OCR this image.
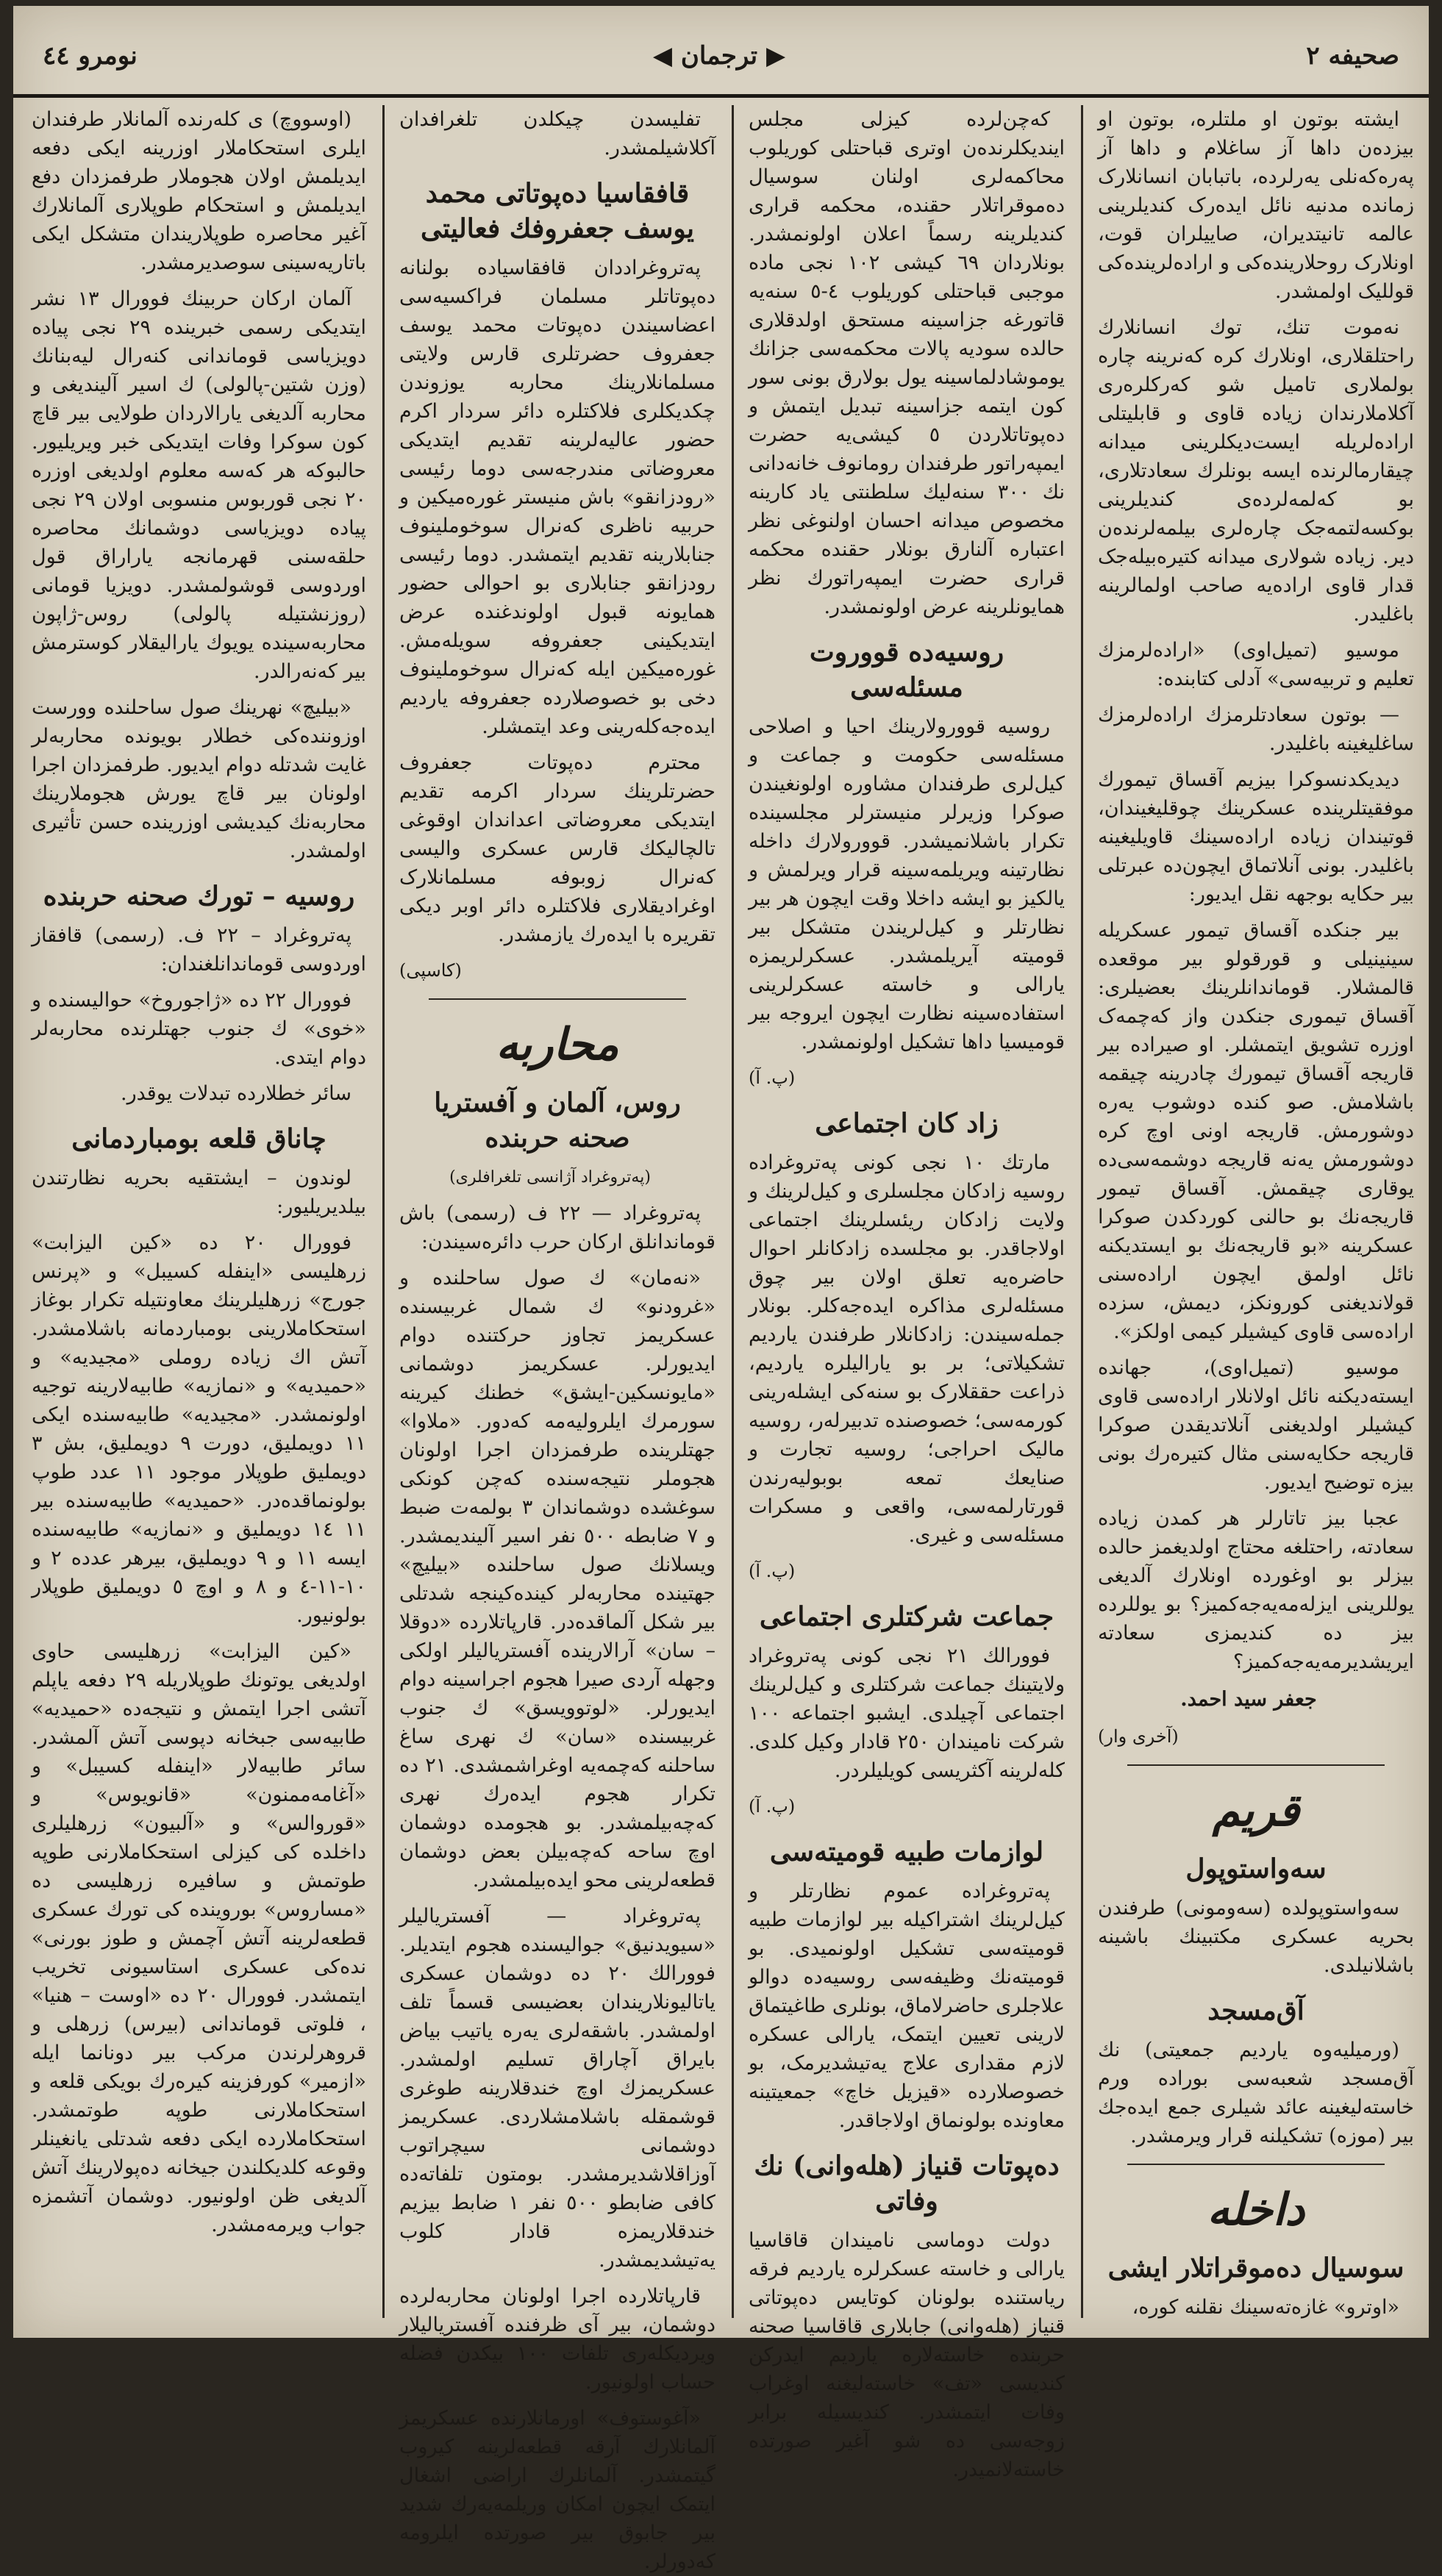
نومرو ٤٤	◀ ترجمان ▶	صحیفه ٢

ایشته بوتون او ملتلره، بوتون او بیزده‌ن داها آز ساغلام و داها آز په‌ره‌که‌نلی یه‌رلرده، باتبابان انسانلارک زمانده مدنیه نائل ایده‌رک کندیلرینی عالمه تانیتدیران، صاییلران قوت، اونلارک روحلارینده‌کی و اراده‌لرینده‌کی قوللیک اولمشدر.

نه‌موت تنك، توك انسانلارك راحتلقلاری، اونلارك کره که‌نرینه چاره بولملاری تامیل شو که‌رکلره‌ری آکلاملارندان زیاده قاوی و قابلیتلی اراده‌لریله ایست‌دیکلرینی میدانه چیقارمالرنده ایسه بونلرك سعادتلاری، بو که‌لمه‌لرده‌ی کندیلرینی بوکسه‌لتمه‌جک چاره‌لری بیلمه‌لرنده‌ن دیر. زیاده شولاری میدانه کتیره‌بیله‌جک قدار قاوی اراده‌یه صاحب اولمالرینه باغلیدر.

موسیو (تمیل‌اوی) «اراده‌لرمزك تعلیم و تربیه‌سی» آدلی کتابنده:

— بوتون سعادتلرمزك اراده‌لرمزك ساغلیغینه باغلیدر.

دیدیکدنسوکرا بیزیم آقساق تیمورك موفقیتلرینده عسکرینك چوقلیغیندان، قوتیندان زیاده اراده‌سینك قاویلیغینه باغلیدر. بونی آنلاتماق ایچون‌ده عبرتلی بیر حکایه بوجهه نقل ایدیور:

بیر جنکده آقساق تیمور عسکریله سینینیلی و قورقولو بیر موقعده قالمشلار. قوماندانلرینك بعضیلری: آقساق تیموری جنکدن واز که‌چمه‌ک اوزره تشویق ایتمشلر. او صیراده بیر قاریجه آقساق تیمورك چادرینه چیقمه باشلامش. صو کنده دوشوب یه‌ره دوشورمش. قاریجه اونی اوچ کره دوشورمش یه‌نه قاریجه دوشمه‌سی‌ده یوقاری چیقمش. آقساق تیمور قاریجه‌نك بو حالنی کوردکدن صوکرا عسکرینه «بو قاریجه‌نك بو ایستدیکنه نائل اولمق ایچون اراده‌سنی قولاندیغنی کورونکز، دیمش، سزده اراده‌سی قاوی کیشیلر کیمی اولکز».

موسیو (تمیل‌اوی)، جهانده ایسته‌دیکنه نائل اولانلار اراده‌سی قاوی کیشیلر اولدیغنی آنلاتدیقدن صوکرا قاریجه حکایه‌سنی مثال کتیره‌رك بونی بیزه توضیح ایدیور.

عجبا بیز تاتارلر هر کمدن زیاده سعادته، راحتلغه محتاج اولدیغمز حالده بیزلر بو اوغورده اونلارك آلدیغی یوللرینی ایزله‌مه‌یه‌جه‌کمیز؟ بو یوللرده بیز ده کندیمزی سعادته ایریشدیرمه‌یه‌جه‌کمیز؟

جعفر سید احمد.

(آخری وار)

قریم
سه‌واستوپول

سه‌واستوپولده (سه‌ومونی) طرفندن بحریه عسکری مکتبینك باشینه باشلانیلدی.

آق‌مسجد

(ورمیلیه‌وه یاردیم جمعیتی) نك آق‌مسجد شعبه‌سی بوراده ورم خاسته‌لیغینه عائد شیلری جمع ایده‌جك بیر (موزه) تشکیلنه قرار ویرمشدر.

داخله
سوسیال ده‌موقراتلار ایشی

«اوترو» غازه‌ته‌سینك نقلنه کوره،

که‌چن‌لرده کیزلی مجلس ایندیکلرنده‌ن اوتری قباحتلی کوریلوب محاکمه‌لری اولنان سوسیال ده‌موقراتلار حقنده، محکمه قراری کندیلرینه رسماً اعلان اولونمشدر. بونلاردان ٦٩ کیشی ١٠٢ نجی ماده موجبی قباحتلی کوریلوب ٤-٥ سنه‌یه قاتورغه جزاسینه مستحق اولدقلاری حالده سودیه پالات محکمه‌سی جزانك یوموشادلماسینه یول بولارق بونی سور کون ایتمه جزاسینه تبدیل ایتمش و ده‌پوتاتلاردن ٥ کیشی‌یه حضرت ایمپه‌راتور طرفندان رومانوف خانه‌دانی نك ٣٠٠ سنه‌لیك سلطنتی یاد کارینه مخصوص میدانه احسان اولنوغی نظر اعتباره آلنارق بونلار حقنده محکمه قراری حضرت ایمپه‌راتورك نظر همایونلرینه عرض اولونمشدر.

روسیه‌ده قووروت مسئله‌سی

روسیه قوورولارینك احیا و اصلاحی مسئله‌سی حکومت و جماعت و کیل‌لری طرفندان مشاوره اولونغیندن صوکرا وزیرلر منیسترلر مجلسینده تکرار باشلانمیشدر. قوورولارك داخله نظارتینه ویریلمه‌سینه قرار ویرلمش و یالکیز بو ایشه داخلا وقت ایچون هر بیر نظارتلر و کیل‌لریندن متشکل بیر قومیته آیریلمشدر. عسکرلریمزه یارالی و خاسته عسکرلرینی استفاده‌سینه نظارت ایچون ایروجه بیر قومیسیا داها تشکیل اولونمشدر.

(پ. آ)

زاد کان اجتماعی

مارتك ١٠ نجی کونی په‌تروغراده روسیه زادکان مجلسلری و کیل‌لرینك و ولایت زادکان ریئسلرینك اجتماعی اولاجاقدر. بو مجلسده زادکانلر احوال حاضره‌یه تعلق اولان بیر چوق مسئله‌لری مذاکره ایده‌جه‌کلر. بونلار جمله‌سیندن: زادکانلار طرفندن یاردیم تشکیلاتی؛ بر بو یارالیلره یاردیم، ذراعت حققلارک بو سنه‌کی ایشله‌رینی کورمه‌سی؛ خصوصنده تدبیرله‌ر، روسیه مالیک احراجی؛ روسیه تجارت و صنایعك تمعه بوبولیه‌رندن قورتارلمه‌سی، واقعی و مسکرات مسئله‌سی و غیری.

(پ. آ)

جماعت شرکتلری اجتماعی

فوورالك ٢١ نجی کونی په‌تروغراد ولایتینك جماعت شرکتلری و کیل‌لرینك اجتماعی آچیلدی. ایشبو اجتماعه ١٠٠ شرکت نامیندان ٢٥٠ قادار وکیل کلدی. کله‌لرینه آکثریسی کویلیلردر.

(پ. آ)

لوازمات طبیه قومیته‌سی

په‌تروغراده عموم نظارتلر و کیل‌لرینك اشتراکیله بیر لوازمات طبیه قومیته‌سی تشکیل اولونمیدی. بو قومیته‌نك وظیفه‌سی روسیه‌ده دوالو علاجلری حاضرلاماق، بونلری طاغیتماق لارینی تعیین ایتمک، یارالی عسکره لازم مقداری علاج یه‌تیشدیرمک، بو خصوصلارده «قیزیل خاچ» جمعیتینه معاونده بولونماق اولاجاقدر.

ده‌پوتات قنیاز (هله‌وانی) نك وفاتی

دولت دوماسی نامیندان قاقاسیا یارالی و خاسته عسکرلره یاردیم فرقه ریاستنده بولونان کوتایس ده‌پوتاتی قنیاز (هله‌وانی) جابلاری قاقاسیا صحنه حربنده خاسته‌لاره یاردیم ایدرکن کندیسی «تف» خاسته‌لیغنه اوغراب وفات ایتمشدر. کندیسیله برابر زوجه‌سی ده شو آغیر صورتده خاسته‌لانمیدر.

تفلیسدن چیکلدن تلغرافدان آکلاشیلمشدر.

قافقاسیا ده‌پوتاتی محمد یوسف جعفروفك فعالیتی

په‌تروغراددان قافقاسیاده بولنانه ده‌پوتاتلر مسلمان فراکسیه‌سی اعضاسیندن ده‌پوتات محمد یوسف جعفروف حضرتلری قارس ولایتی مسلمانلارینك محاربه یوزوندن چکدیکلری فلاکتلره دائر سردار اکرم حضور عالیه‌لرینه تقدیم ایتدیکی معروضاتی مندرجه‌سی دوما رئیسی «رودزانقو» باش منیستر غوره‌میکین و حربیه ناظری که‌نرال سوخوملینوف جنابلارینه تقدیم ایتمشدر. دوما رئیسی رودزانقو جنابلاری بو احوالی حضور همایونه قبول اولوندغنده عرض ایتدیکینی جعفروفه سویله‌مش. غوره‌میکین ایله که‌نرال سوخوملینوف دخی بو خصوصلارده جعفروفه یاردیم ایده‌جه‌کله‌رینی وعد ایتمشلر.

محترم ده‌پوتات جعفروف حضرتلرینك سردار اکرمه تقدیم ایتدیکی معروضاتی اعداندان اوقوغی تالچالیکك قارس عسکری والیسی که‌نرال زوبوفه مسلمانلارک اوغرادیقلاری فلاکتلره دائر اوبر دیکی تقریره با ایده‌رك یازمشدر.

(کاسپی)

محاربه
روس، آلمان و آفستریا صحنه حربنده

(په‌تروغراد آژانسی تلغرافلری)

په‌تروغراد — ٢٢ ف (رسمی) باش قوماندانلق ارکان حرب دائره‌سیندن:

«نه‌مان» ك صول ساحلنده و «غرودنو» ك شمال غربیسنده عسکریمز تجاوز حرکتنده دوام ایدیورلر. عسکریمز دوشمانی «مایونسکین-ایشق» خطنك کیرینه سورمرك ایلرولیه‌مه که‌دور. «ملاوا» جهتلرینده طرفمزدان اجرا اولونان هجوملر نتیجه‌سنده که‌چن کونکی سوغشده دوشماندان ٣ بولمه‌ت ضبط و ٧ ضابطه ٥٠٠ نفر اسیر آلیندیمشدر. ویسلانك صول ساحلنده «بیلیچ» جهتینده محاربه‌لر کینده‌کینجه شدتلی بیر شکل آلماقده‌در. قارپاتلارده «دوقلا – سان» آرالارینده آفستریالیلر اولکی وجهله آردی صیرا هجوم اجراسینه دوام ایدیورلر. «لوتوویسق» ك جنوب غربیسنده «سان» ك نهری ساغ ساحلنه که‌چمه‌یه اوغراشمشدی. ٢١ ده تکرار هجوم ایده‌رك نهری که‌چه‌بیلمشدر. بو هجومده دوشمان اوچ ساحه که‌چه‌بیلن بعض دوشمان قطعه‌لرینی محو ایده‌بیلمشدر.

په‌تروغراد — آفستریالیلر «سیویدنیق» جوالیسنده هجوم ایتدیلر. فوورالك ٢٠ ده دوشمان عسکری یاتالیونلاریندان بعضیسی قسماً تلف اولمشدر. باشقه‌لری یه‌ره یاتیب بیاض بایراق آچاراق تسلیم اولمشدر. عسکریمزك اوچ خندقلارینه طوغری قوشمقله باشلامشلاردی. عسکریمز دوشمانی سیچراتوب آوزاقلاشدیرمشدر. بومتون تلفاته‌ده کافی ضابطو ٥٠٠ نفر ١ ضابط بیزیم خندقلاریمزه قادار کلوب یه‌تیشدیمشدر.

قارپاتلارده اجرا اولونان محاربه‌لرده دوشمان، بیر آی ظرفنده آفستریالیلار ویردیکله‌ری تلفات ١٠٠ بیکدن فضله حساب اولونیور.

«آغوستوف» اورمانلارنده عسکریمز آلمانلارك آرقه قطعه‌لرینه کیروب گیتمشدر. آلمانلرك اراضی اشغال ایتمک ایچون امکان وریلمه‌یه‌رك شدید بیر جابوق بیر صورتده ایلرومه که‌دورلر.

(اوسووچ) ی کله‌رنده آلمانلار طرفندان ایلری استحکاملار اوزرینه ایکی دفعه ایدیلمش اولان هجوملار طرفمزدان دفع ایدیلمش و استحکام طوپلاری آلمانلارك آغیر محاصره طوپلاریندان متشکل ایکی باتاریه‌سینی سوصدیرمشدر.

آلمان ارکان حربینك فوورال ١٣ نشر ایتدیکی رسمی خبرینده ٢٩ نجی پیاده دویزیاسی قوماندانی کنه‌رال لیه‌بنانك (وزن شتین-پالولی) ك اسیر آلیندیغی و محاربه آلدیغی یارالاردان طولایی بیر قاچ کون سوکرا وفات ایتدیکی خبر ویریلیور. حالبوکه هر که‌سه معلوم اولدیغی اوزره ٢٠ نجی قوربوس منسوبی اولان ٢٩ نجی پیاده دویزیاسی دوشمانك محاصره حلقه‌سنی قهرمانجه یاراراق قول اوردوسی قوشولمشدر. دویزیا قومانی (روزنشتیله پالولی) روس-ژاپون محاربه‌سینده یویوك یارالیقلار کوسترمش بیر که‌نه‌رالدر.

«بیلیچ» نهرینك صول ساحلنده وورست اوزوننده‌کی خطلار بویونده محاربه‌لر غایت شدتله دوام ایدیور. طرفمزدان اجرا اولونان بیر قاچ یورش هجوملارینك محاربه‌نك کیدیشی اوزرینده حسن تأثیری اولمشدر.

روسیه – تورك صحنه حربنده

په‌تروغراد – ٢٢ ف. (رسمی) قافقاز اوردوسی قوماندانلغندان:

فوورال ٢٢ ده «ژاجوروخ» حوالیسنده و «خوی» ك جنوب جهتلرنده محاربه‌لر دوام ایتدی.

سائر خطلارده تبدلات یوقدر.

چاناق قلعه بومباردمانی

لوندون – ایشتقیه بحریه نظارتندن بیلدیریلیور:

فوورال ٢٠ ده «کین الیزابت» زرهلیسی «اینفله کسیبل» و «پرنس جورج» زرهلیلرینك معاونتیله تکرار بوغاز استحکاملارینی بومباردمانه باشلامشدر. آتش اك زیاده روملی «مجیدیه» و «حمیدیه» و «نمازیه» طابیه‌لارینه توجیه اولونمشدر. «مجیدیه» طابیه‌سنده ایکی ١١ دویملیق، دورت ٩ دویملیق، بش ٣ دویملیق طوپلار موجود ١١ عدد طوپ بولونماقده‌در. «حمیدیه» طابیه‌سنده بیر ١١ ١٤ دویملیق و «نمازیه» طابیه‌سنده ایسه ١١ و ٩ دویملیق، بیرهر عدده ٢ و ١٠-١١-٤ و ٨ و اوچ ٥ دویملیق طوپلار بولونیور.

«کین الیزابت» زرهلیسی حاوی اولدیغی یوتونك طوپلاریله ٢٩ دفعه یاپلم آتشی اجرا ایتمش و نتیجه‌ده «حمیدیه» طابیه‌سی جبخانه دپوسی آتش آلمشدر. سائر طابیه‌لار «اینفله کسیبل» و «آغامه‌ممنون» «قانویوس» و «قوروالس» و «آلبیون» زرهلیلری داخلده کی کیزلی استحکاملارنی طوپه طوتمش و سافیره زرهلیسی ده «مساروس» بوروینده کی تورك عسکری قطعه‌لرینه آتش آچمش و طوز بورنی» نده‌کی عسکری استاسیونی تخریب ایتمشدر. فوورال ٢٠ ده «اوست – هنیا» ، فلوتی قوماندانی (بیرس) زرهلی و قروهرلرندن مرکب بیر دونانما ایله «ازمیر» کورفزینه کیره‌رك بویکی قلعه و استحکاملارنی طوپه طوتمشدر. استحکاملارده ایکی دفعه شدتلی یانغینلر وقوعه کلدیکلندن جیخانه ده‌پولارینك آتش آلدیغی ظن اولونیور. دوشمان آتشمزه جواب ویرمه‌مشدر.
